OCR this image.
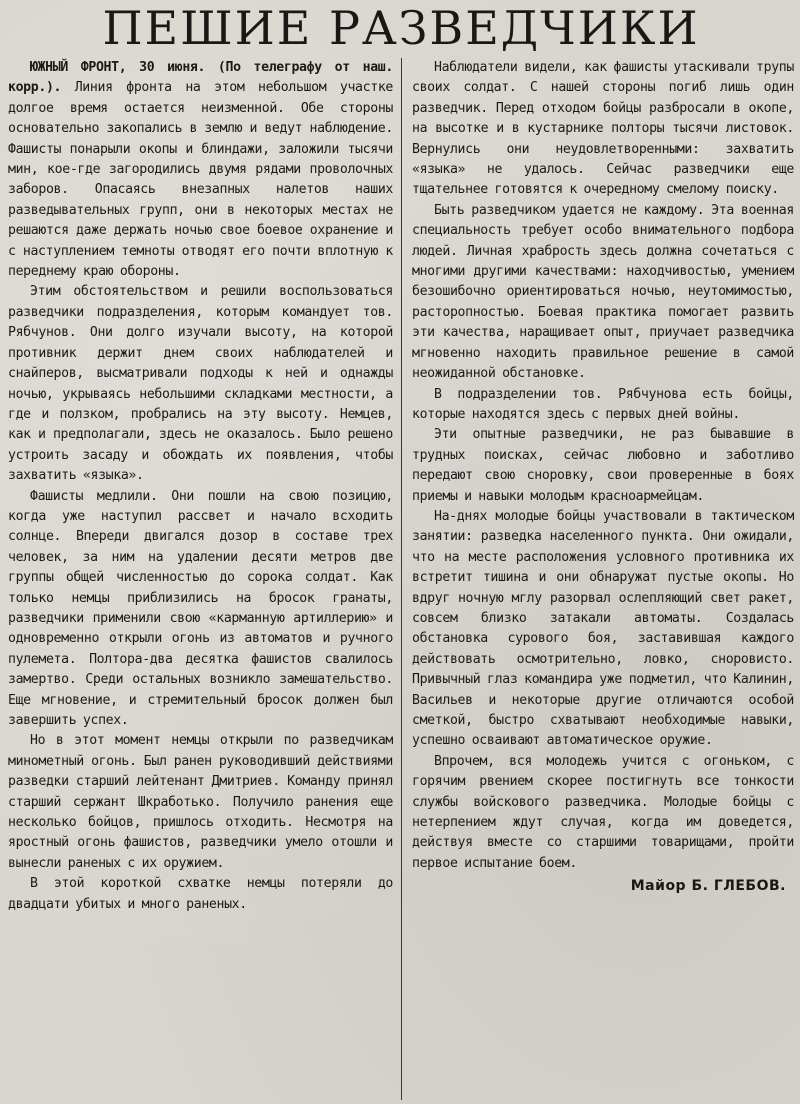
ПЕШИЕ РАЗВЕДЧИКИ

ЮЖНЫЙ ФРОНТ, 30 июня. (По телеграфу от наш. корр.). Линия фронта на этом небольшом участке долгое время остается неизменной. Обе стороны основательно закопались в землю и ведут наблюдение. Фашисты понарыли окопы и блиндажи, заложили тысячи мин, кое-где загородились двумя рядами проволочных заборов. Опасаясь внезапных налетов наших разведывательных групп, они в некоторых местах не решаются даже держать ночью свое боевое охранение и с наступлением темноты отводят его почти вплотную к переднему краю обороны.

Этим обстоятельством и решили воспользоваться разведчики подразделения, которым командует тов. Рябчунов. Они долго изучали высоту, на которой противник держит днем своих наблюдателей и снайперов, высматривали подходы к ней и однажды ночью, укрываясь небольшими складками местности, а где и ползком, пробрались на эту высоту. Немцев, как и предполагали, здесь не оказалось. Было решено устроить засаду и обождать их появления, чтобы захватить «языка».

Фашисты медлили. Они пошли на свою позицию, когда уже наступил рассвет и начало всходить солнце. Впереди двигался дозор в составе трех человек, за ним на удалении десяти метров две группы общей численностью до сорока солдат. Как только немцы приблизились на бросок гранаты, разведчики применили свою «карманную артиллерию» и одновременно открыли огонь из автоматов и ручного пулемета. Полтора-два десятка фашистов свалилось замертво. Среди остальных возникло замешательство. Еще мгновение, и стремительный бросок должен был завершить успех.

Но в этот момент немцы открыли по разведчикам минометный огонь. Был ранен руководивший действиями разведки старший лейтенант Дмитриев. Команду принял старший сержант Шкработько. Получило ранения еще несколько бойцов, пришлось отходить. Несмотря на яростный огонь фашистов, разведчики умело отошли и вынесли раненых с их оружием.

В этой короткой схватке немцы потеряли до двадцати убитых и много раненых.

Наблюдатели видели, как фашисты утаскивали трупы своих солдат. С нашей стороны погиб лишь один разведчик. Перед отходом бойцы разбросали в окопе, на высотке и в кустарнике полторы тысячи листовок. Вернулись они неудовлетворенными: захватить «языка» не удалось. Сейчас разведчики еще тщательнее готовятся к очередному смелому поиску.

Быть разведчиком удается не каждому. Эта военная специальность требует особо внимательного подбора людей. Личная храбрость здесь должна сочетаться с многими другими качествами: находчивостью, умением безошибочно ориентироваться ночью, неутомимостью, расторопностью. Боевая практика помогает развить эти качества, наращивает опыт, приучает разведчика мгновенно находить правильное решение в самой неожиданной обстановке.

В подразделении тов. Рябчунова есть бойцы, которые находятся здесь с первых дней войны.

Эти опытные разведчики, не раз бывавшие в трудных поисках, сейчас любовно и заботливо передают свою сноровку, свои проверенные в боях приемы и навыки молодым красноармейцам.

На-днях молодые бойцы участвовали в тактическом занятии: разведка населенного пункта. Они ожидали, что на месте расположения условного противника их встретит тишина и они обнаружат пустые окопы. Но вдруг ночную мглу разорвал ослепляющий свет ракет, совсем близко затакали автоматы. Создалась обстановка сурового боя, заставившая каждого действовать осмотрительно, ловко, сноровисто. Привычный глаз командира уже подметил, что Калинин, Васильев и некоторые другие отличаются особой сметкой, быстро схватывают необходимые навыки, успешно осваивают автоматическое оружие.

Впрочем, вся молодежь учится с огоньком, с горячим рвением скорее постигнуть все тонкости службы войскового разведчика. Молодые бойцы с нетерпением ждут случая, когда им доведется, действуя вместе со старшими товарищами, пройти первое испытание боем.

Майор Б. ГЛЕБОВ.
